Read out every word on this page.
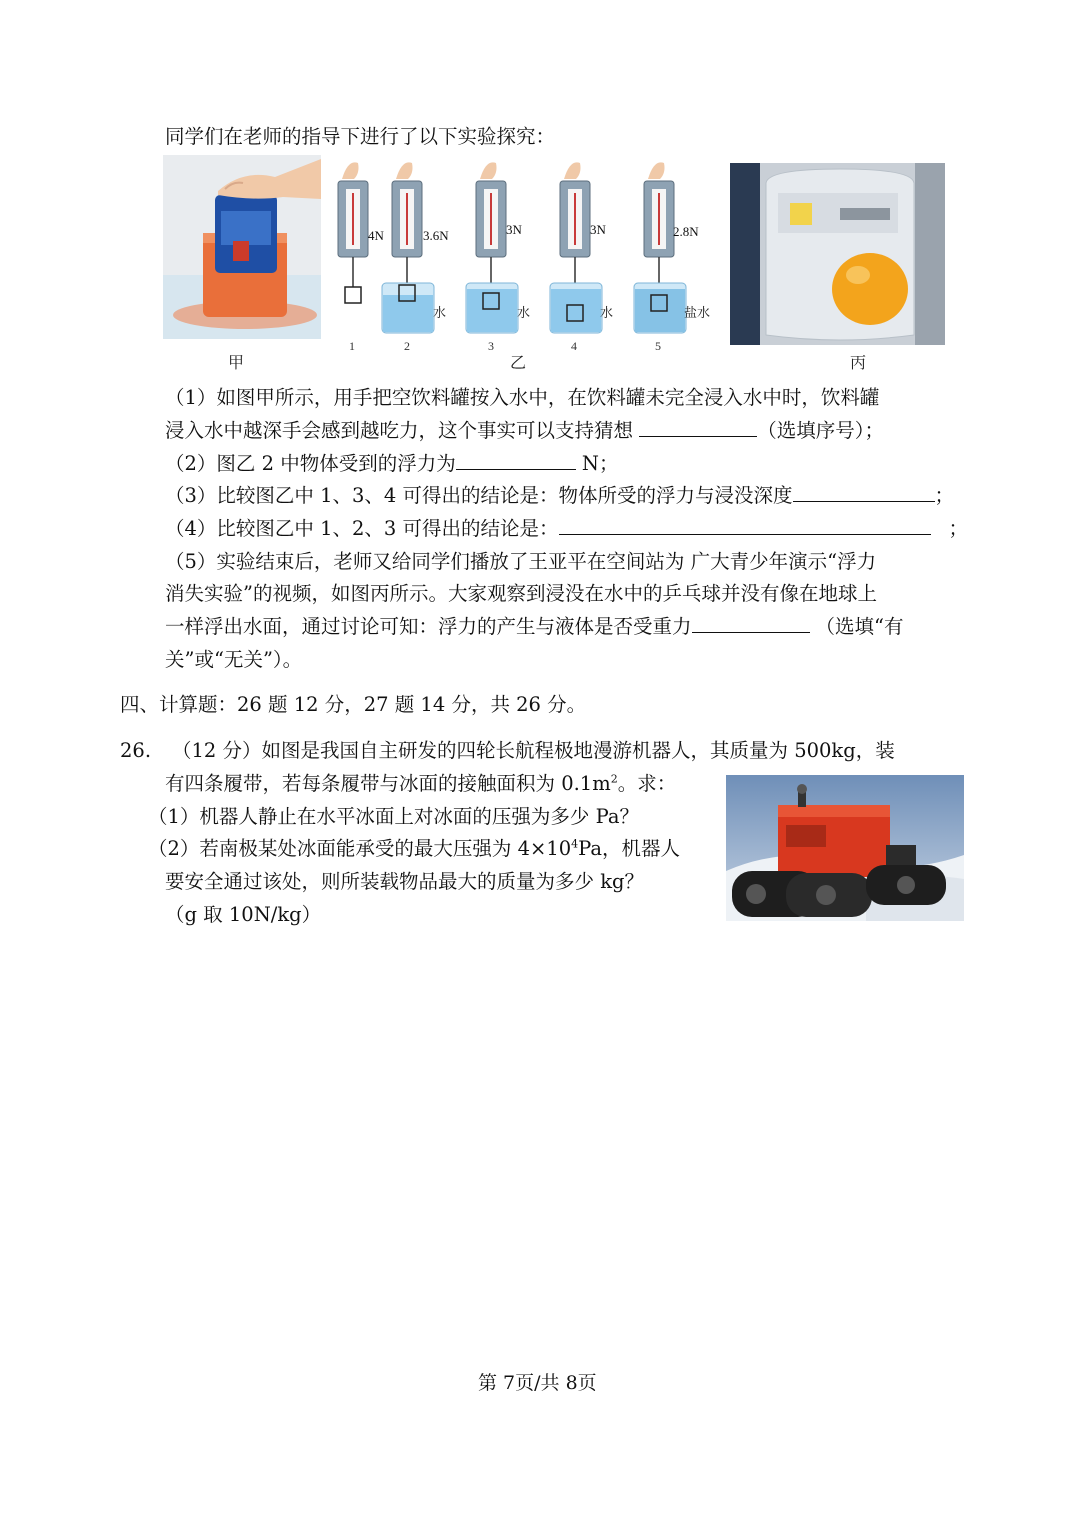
同学们在老师的指导下进行了以下实验探究：
甲
4N	3.6N	3N	3N	2.8N
水	水	水	盐水
1	2	3	4	5
乙	丙
（1）如图甲所示，用手把空饮料罐按入水中，在饮料罐未完全浸入水中时，饮料罐
浸入水中越深手会感到越吃力，这个事实可以支持猜想	（选填序号）；
（2）图乙 2 中物体受到的浮力为	N；
（3）比较图乙中 1、3、4 可得出的结论是：物体所受的浮力与浸没深度	；
（4）比较图乙中 1、2、3 可得出的结论是：	；
（5）实验结束后，老师又给同学们播放了王亚平在空间站为 广大青少年演示“浮力
消失实验”的视频，如图丙所示。大家观察到浸没在水中的乒乓球并没有像在地球上
一样浮出水面，通过讨论可知：浮力的产生与液体是否受重力	（选填“有
关”或“无关”）。
四、计算题：26 题 12 分，27 题 14 分，共 26 分。
26. （12 分）如图是我国自主研发的四轮长航程极地漫游机器人，其质量为 500kg，装
有四条履带，若每条履带与冰面的接触面积为 $0.1m^2$。求：
（1）机器人静止在水平冰面上对冰面的压强为多少 Pa？
（2）若南极某处冰面能承受的最大压强为 $4\times 10^4Pa$，机器人
要安全通过该处，则所装载物品最大的质量为多少 kg？
（g 取 10N/kg）
第 7页/共 8页
